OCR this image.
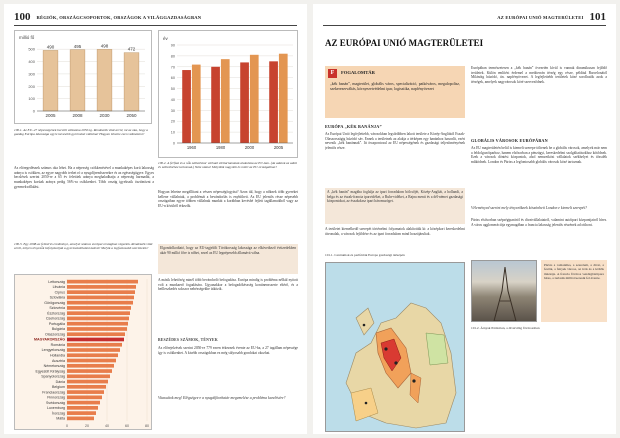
100 RÉGIÓK, ORSZÁGCSOPORTOK, ORSZÁGOK A VILÁGGAZDASÁGBAN
millió fő
0
100
200
300
400
500	490
2005
495
2008
498
2030
472
2050
100.1. Az EU–27 népességének becsült változása 2050-ig. Rendezzék vitát arról, mi az oka, hogy a gazdag Európa lakossága egyre kevesebb gyermeket vállalna! Hogyan lehetne ezen változtatni?
év
0
10
20
30
40
50
60
70
80
90
1960	1980	2000	2005
100.2. A férfiak és a nők születéskor várható élettartamának alakulása az EU-ban. (Az adatok az adott év születéséhez tartoznak.) Nézz utána! Melyikük nagyobb és miért az EU országaiban?
Az elöregedésnek számos oka lehet. Ha a népesség csökkenésével a munkaképes korú lakosság aránya is csökken, az egyre nagyobb terhet ró a nyugdíjrendszerekre és az egészségügyre. Egyes becslések szerint 2050-re a 65 év felettiek aránya meghaladhatja a népesség harmadát, a munkaképes korúak aránya pedig 56%-ra csökkenhet. Több ország igyekszik ösztönözni a gyermekvállalást.
100.3. Egy 2008-as felmérés eredménye, amelyet számos európai országban végeztek. Rendezzék vitát arról, milyen tényezők befolyásolják a gyermekvállalási kedvet! Melyik a legfontosabb szerintetek?
0	20	40	60	80
Lettország
Litvánia
Ciprus
Szlovákia
Görögország
Szlovénia
Észtország
Csehország
Portugália
Bulgária
Olaszország
MAGYARORSZÁG
Románia
Lengyelország
Hollandia
Ausztria
Németország
Egyesült Királyság
Spanyolország
Dánia
Belgium
Franciaország
Finnország
Svédország
Luxemburg
Írország
Málta
Hogyan lehetne megállítani a vészes népességfogyást? Azon túl, hogy a nőknek több gyereket kellene vállalniuk, a problémát a bevándorlás is enyhítheti. Az EU jelentős része népesebb országaiban egyre többen vállalnak munkát a korábban kevésbé fejlett tagállamokból vagy az EU-n kívülről érkezők.
Elgondolkodtató, hogy az EU-tagjelölt Törökország lakossága az elkövetkező évtizedekben akár 90 millió főre is nőhet, ezzel az EU legnépesebb államává válna.
A másik lehetőség minél több bevándorló befogadása. Európa mindig is probléma nélkül nyitott volt a munkaerő fogadására. Ugyanakkor a befogadókészség kontinensszerte eltérő, és a beilleszkedés sokszor nehézségekbe ütközik.
BESZÉDES SZÁMOK, TÉNYEK
Az előrejelzések szerint 2050-re 779 ezren érkeznek évente az EU-ba, a 27 tagállam népessége így is csökkenhet. A kisebb országokban ez még súlyosabb gondokat okozhat.
Vitassátok meg! Elégséges-e a nyugdíjkorhatár megemelése a probléma kezelésére?
AZ EURÓPAI UNIÓ MAGTERÜLETEI 101
AZ EURÓPAI UNIÓ MAGTERÜLETEI
F	FOGALOMTÁR
„kék banán”, magterület, globális város, specializáció, patkóváros, megalopolisz, szekerezerváltás, környezetvédelmi ipar, logisztika, napfényövezet
EURÓPA „KÉK BANÁNJA”
Az Európai Unió legfejlettebb, városokban legsűrűbben lakott területe a Közép-Angliától Észak-Olaszországig húzódó sáv. Ennek a területnek az alakja a térképen egy banánhoz hasonlít, ezért nevezik „kék banánnak”. Itt összpontosul az EU népességének és gazdasági teljesítményének jelentős része.
A „kék banán” magába foglalja az ipari forradalom bölcsőjét, Közép-Angliát, a hollandi, a belga és az észak-francia iparvidéket, a Ruhr-vidéket, a Rajna menti és a dél-német gazdasági központokat, az északolasz ipari háromszöget.
A területet kiemelkedő szerepét történelmi folyamatok alakították ki: a középkori kereskedelmi útvonalak, a városok fejlődése és az ipari forradalom mind hozzájárultak.
101.1. Centrumok és perifériák Európa gazdasági térképén
Európában természetesen a „kék banán” övezetén kívül is vannak dinamikusan fejlődő területek. Külön említést érdemel a mediterrán térség egy része, például Barcelonától Milánóig húzódó, ún. napfényövezet. A legfejlettebb területek közé sorolhatók azok a térségek, amelyek nagyvárosok köré szerveződnek.
GLOBÁLIS VÁROSOK EURÓPÁBAN
Az EU magterületén belül is kiemelt szerepe töltenek be a globális városok, amelyek már nem a feldolgozóiparhoz, hanem elsősorban a pénzügyi, kereskedelmi szolgáltatásokhoz kötődnek. Ezek a városok döntési központok, ahol nemzetközi vállalatok székhelyei és tőzsdék működnek. London és Párizs a legfontosabb globális városok közé tartoznak.
Véleményed szerint mely tényezőknek köszönheti London e kiemelt szerepét?
Párizs elsősorban szépségiparáról és divatvállalatairól, valamint autóipari központjairól híres. A város agglomerációja egymagában a francia lakosság jelentős részének ad otthont.
Párizs a romantika, a szerelem, a divat, a festők, a fények városa, az írók és a költők múzsája. A francia főváros vendéglátóipara híres, a turisták milliói keresik fel évente.
101.2. Árnyak Párizsban, a divatvilág fővárosában
